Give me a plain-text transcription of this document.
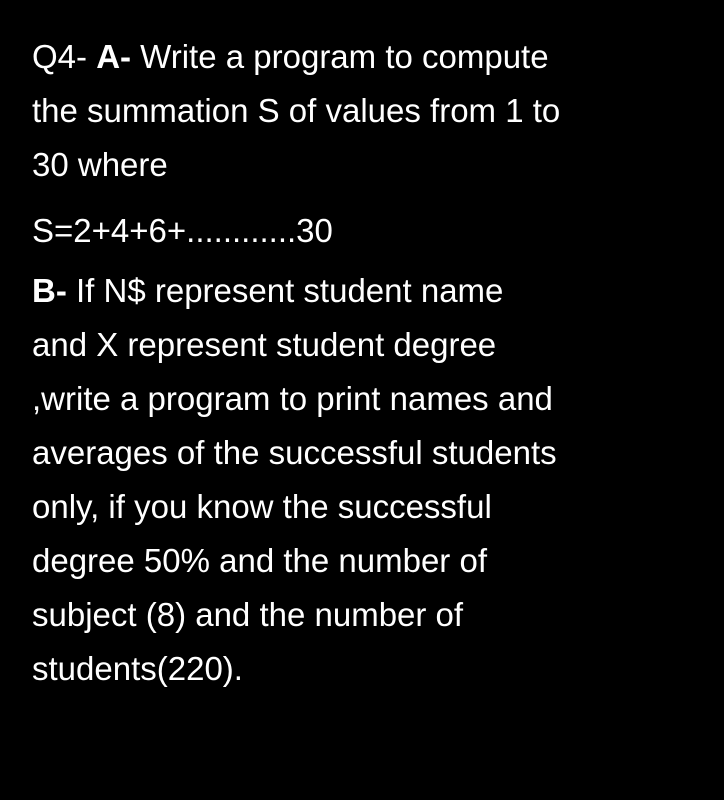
Q4- A- Write a program to compute
the summation S of values from 1 to
30 where
S=2+4+6+............30
B- If N$ represent student name
and X represent student degree
,write a program to print names and
averages of the successful students
only, if you know the successful
degree 50% and the number of
subject (8) and the number of
students(220).
